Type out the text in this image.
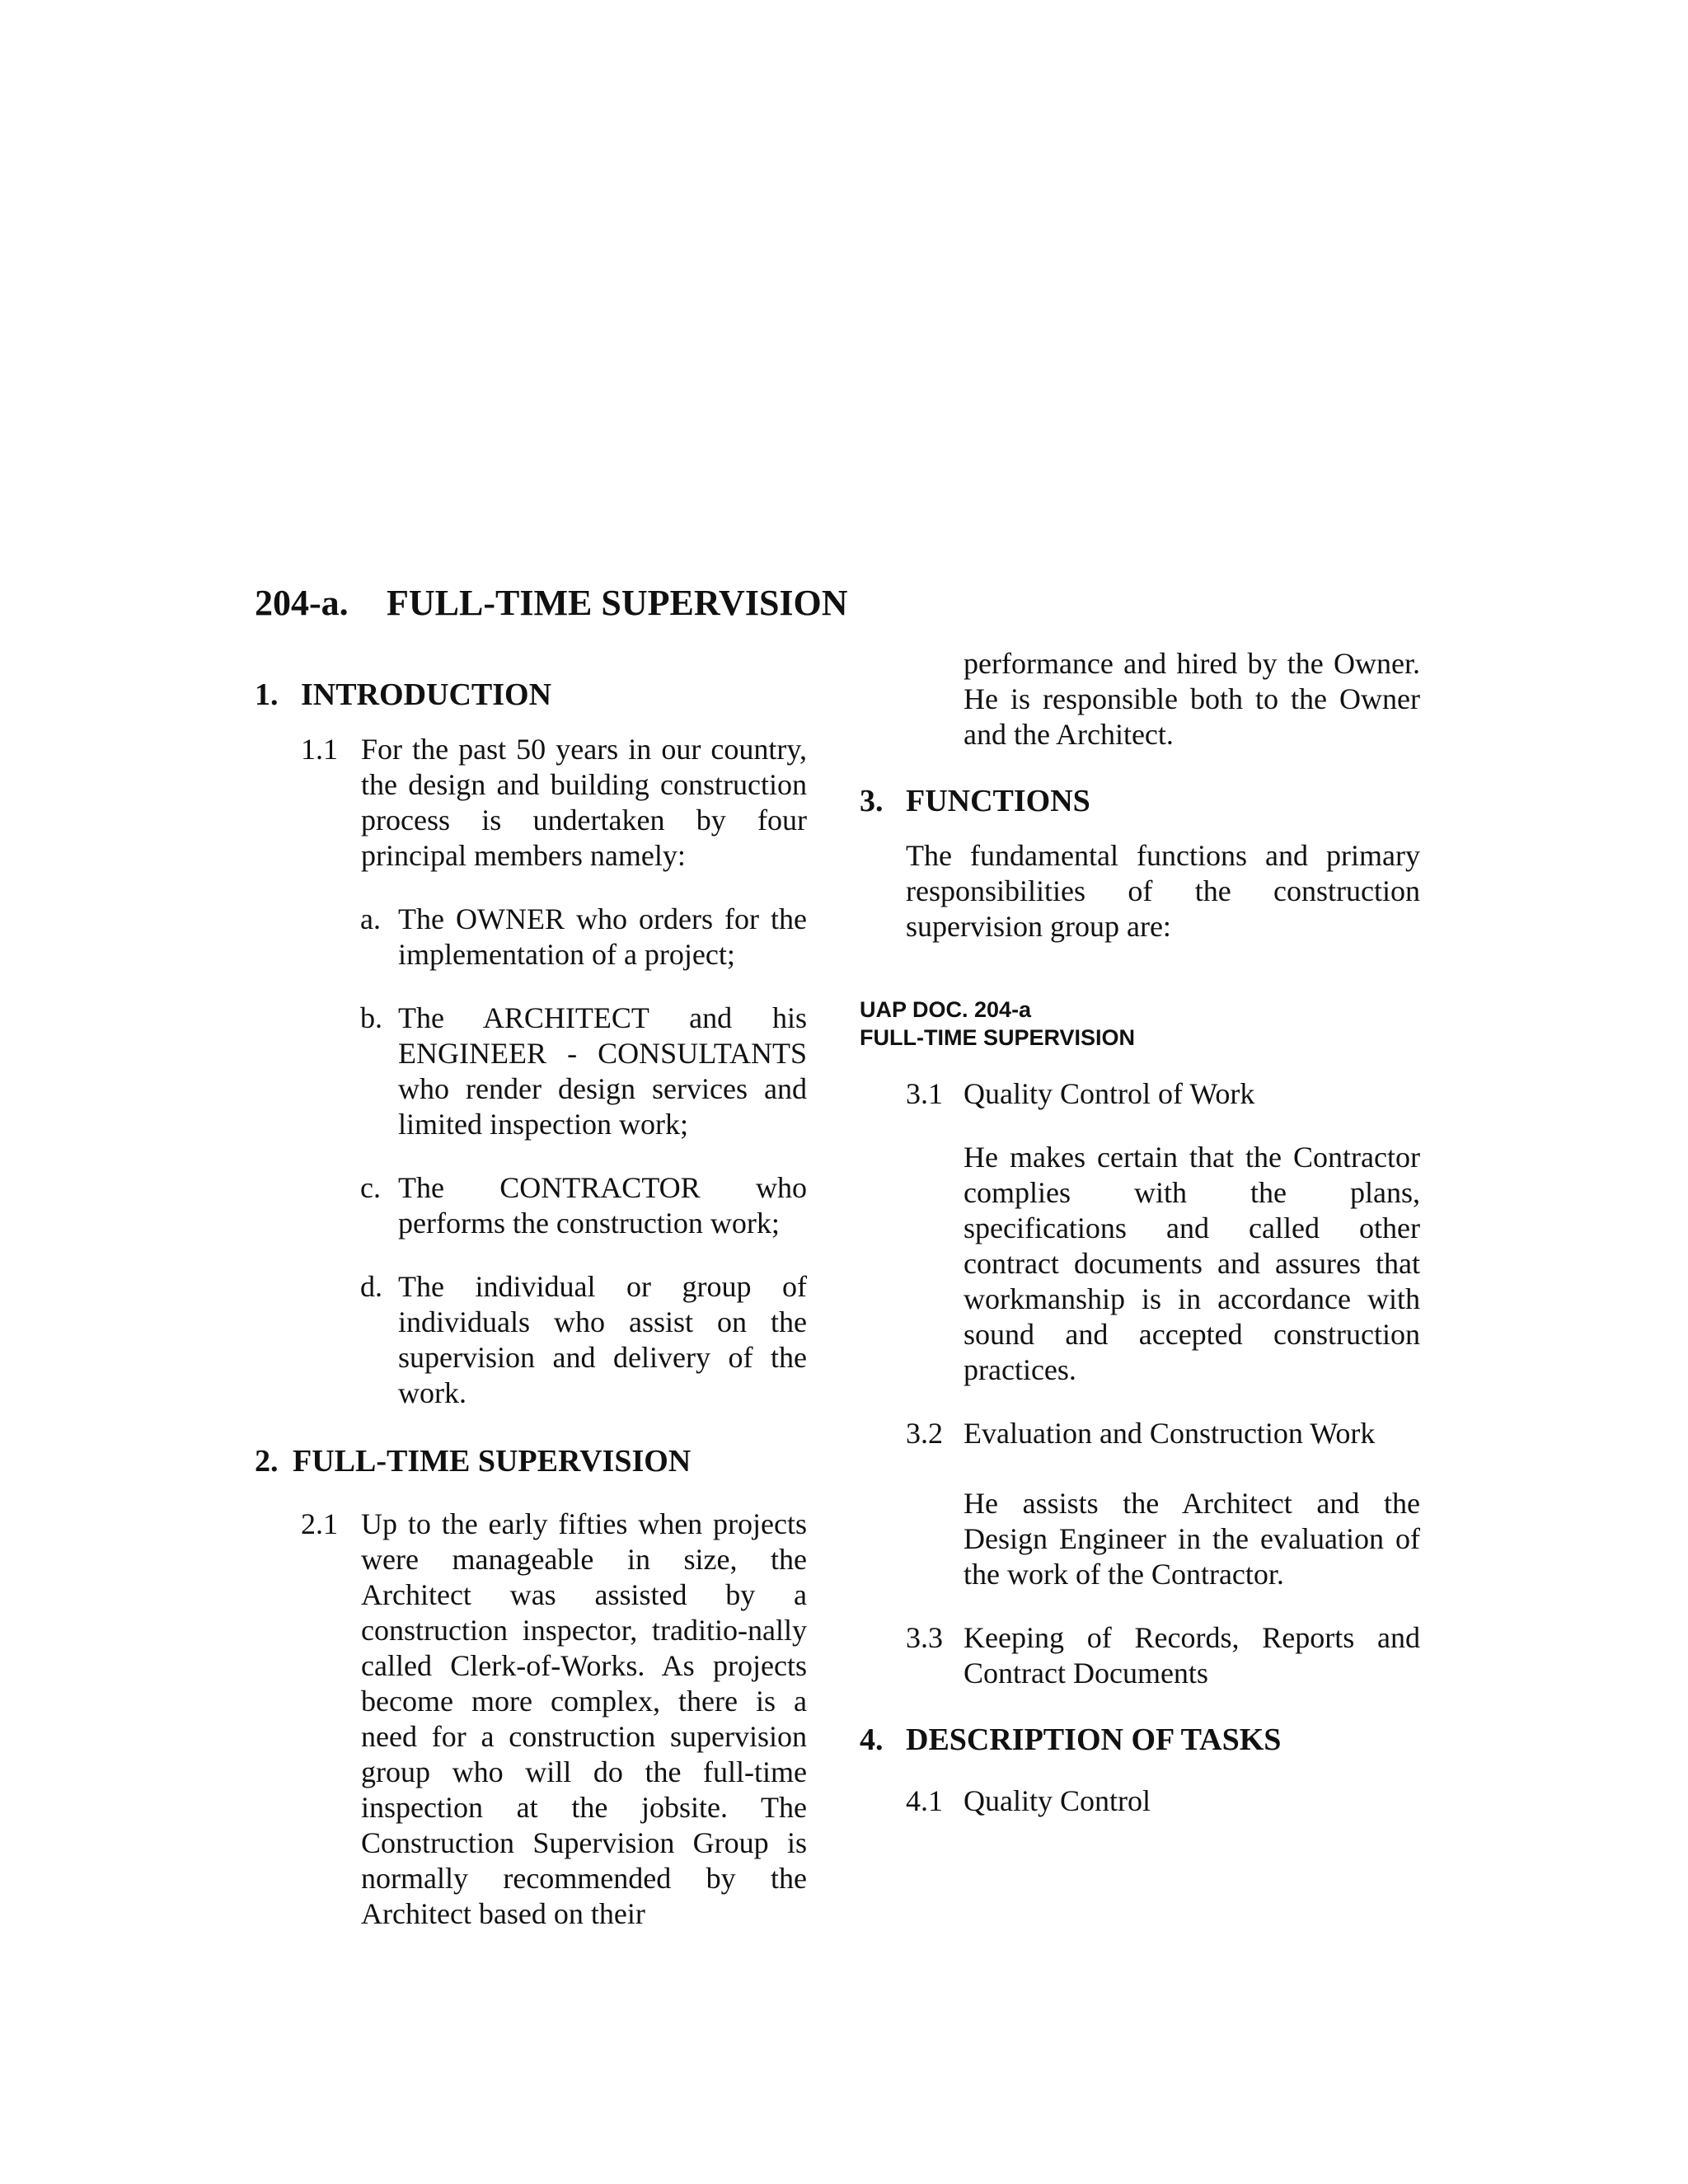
204-a. FULL-TIME SUPERVISION
1. INTRODUCTION
1.1 For the past 50 years in our country, the design and building construction process is undertaken by four principal members namely:
a. The OWNER who orders for the implementation of a project;
b. The ARCHITECT and his ENGINEER - CONSULTANTS who render design services and limited inspection work;
c. The CONTRACTOR who performs the construction work;
d. The individual or group of individuals who assist on the supervision and delivery of the work.
2. FULL-TIME SUPERVISION
2.1 Up to the early fifties when projects were manageable in size, the Architect was assisted by a construction inspector, traditio-nally called Clerk-of-Works. As projects become more complex, there is a need for a construction supervision group who will do the full-time inspection at the jobsite. The Construction Supervision Group is normally recommended by the Architect based on their
performance and hired by the Owner. He is responsible both to the Owner and the Architect.
3. FUNCTIONS
The fundamental functions and primary responsibilities of the construction supervision group are:
UAP DOC. 204-a
FULL-TIME SUPERVISION
3.1 Quality Control of Work
He makes certain that the Contractor complies with the plans, specifications and called other contract documents and assures that workmanship is in accordance with sound and accepted construction practices.
3.2 Evaluation and Construction Work
He assists the Architect and the Design Engineer in the evaluation of the work of the Contractor.
3.3 Keeping of Records, Reports and Contract Documents
4. DESCRIPTION OF TASKS
4.1 Quality Control
